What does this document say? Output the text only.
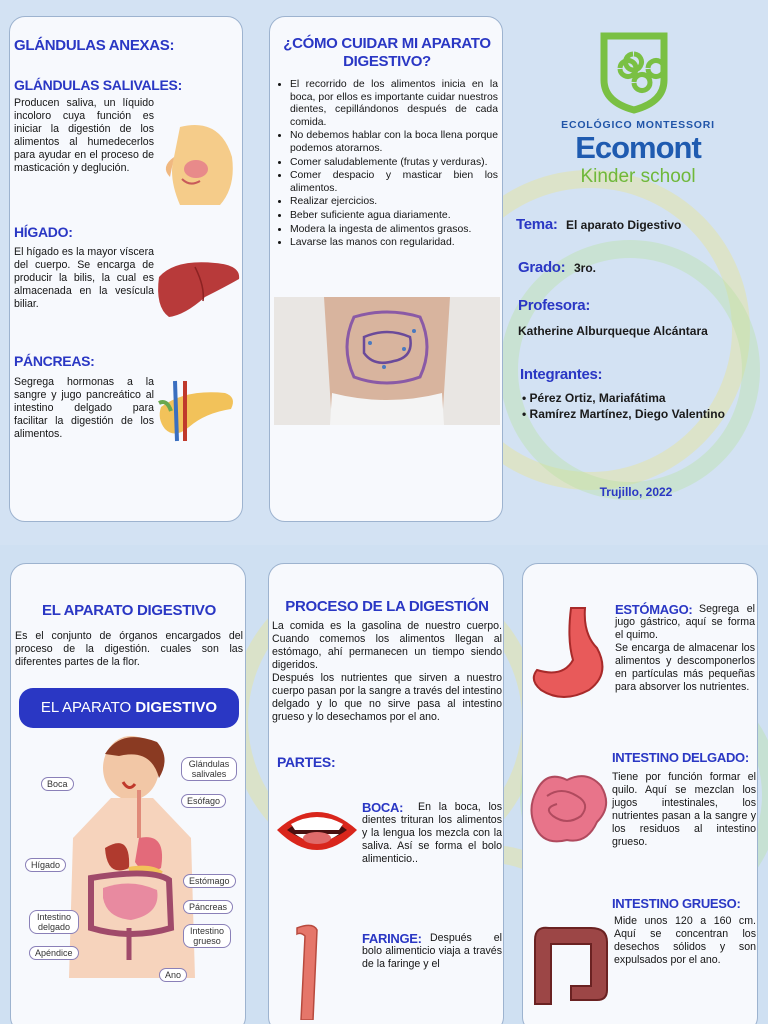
GLÁNDULAS ANEXAS:
GLÁNDULAS SALIVALES:
Producen saliva, un líquido incoloro cuya función es iniciar la digestión de los alimentos al humedecerlos para ayudar en el proceso de masticación y deglución.
HÍGADO:
El hígado es la mayor víscera del cuerpo. Se encarga de producir la bilis, la cual es almacenada en la vesícula biliar.
PÁNCREAS:
Segrega hormonas a la sangre y jugo pancreático al intestino delgado para facilitar la digestión de los alimentos.
¿CÓMO CUIDAR MI APARATO DIGESTIVO?
• El recorrido de los alimentos inicia en la boca, por ellos es importante cuidar nuestros dientes, cepillándonos después de cada comida.
• No debemos hablar con la boca llena porque podemos atorarnos.
• Comer saludablemente (frutas y verduras).
• Comer despacio y masticar bien los alimentos.
• Realizar ejercicios.
• Beber suficiente agua diariamente.
• Modera la ingesta de alimentos grasos.
• Lavarse las manos con regularidad.
ECOLÓGICO MONTESSORI
Ecomont
Kinder school
Tema: El aparato Digestivo
Grado: 3ro.
Profesora:
Katherine Alburqueque Alcántara
Integrantes:
• Pérez Ortiz, Mariafátima
• Ramírez Martínez, Diego Valentino
Trujillo, 2022
EL APARATO DIGESTIVO
Es el conjunto de órganos encargados del proceso de la digestión. cuales son las diferentes partes de la flor.
EL APARATO DIGESTIVO
Boca
Glándulas salivales
Esófago
Hígado
Estómago
Páncreas
Intestino delgado	Intestino grueso
Apéndice
Ano
PROCESO DE LA DIGESTIÓN
La comida es la gasolina de nuestro cuerpo. Cuando comemos los alimentos llegan al estómago, ahí permanecen un tiempo siendo digeridos.
Después los nutrientes que sirven a nuestro cuerpo pasan por la sangre a través del intestino delgado y lo que no sirve pasa al intestino grueso y lo desechamos por el ano.
PARTES:
BOCA:	En la boca, los dientes trituran los alimentos y la lengua los mezcla con la saliva. Así se forma el bolo alimenticio..
FARINGE: Después el bolo alimenticio viaja a través de la faringe y el
ESTÓMAGO: Segrega el jugo gástrico, aquí se forma el quimo.
Se encarga de almacenar los alimentos y descomponerlos en partículas más pequeñas para absorver los nutrientes.
INTESTINO DELGADO:
Tiene por función formar el quilo. Aquí se mezclan los jugos intestinales, los nutrientes pasan a la sangre y los residuos al intestino grueso.
INTESTINO GRUESO:
Mide unos 120 a 160 cm. Aquí se concentran los desechos sólidos y son expulsados por el ano.
